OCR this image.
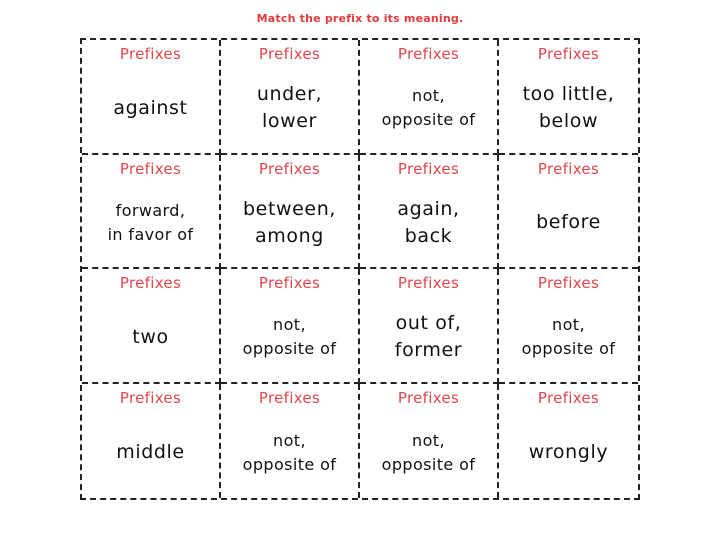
Match the prefix to its meaning.
Prefixes
against
Prefixes
under,
lower
Prefixes
not,
opposite of
Prefixes
too little,
below
Prefixes
forward,
in favor of
Prefixes
between,
among
Prefixes
again,
back
Prefixes
before
Prefixes
two
Prefixes
not,
opposite of
Prefixes
out of,
former
Prefixes
not,
opposite of
Prefixes
middle
Prefixes
not,
opposite of
Prefixes
not,
opposite of
Prefixes
wrongly
